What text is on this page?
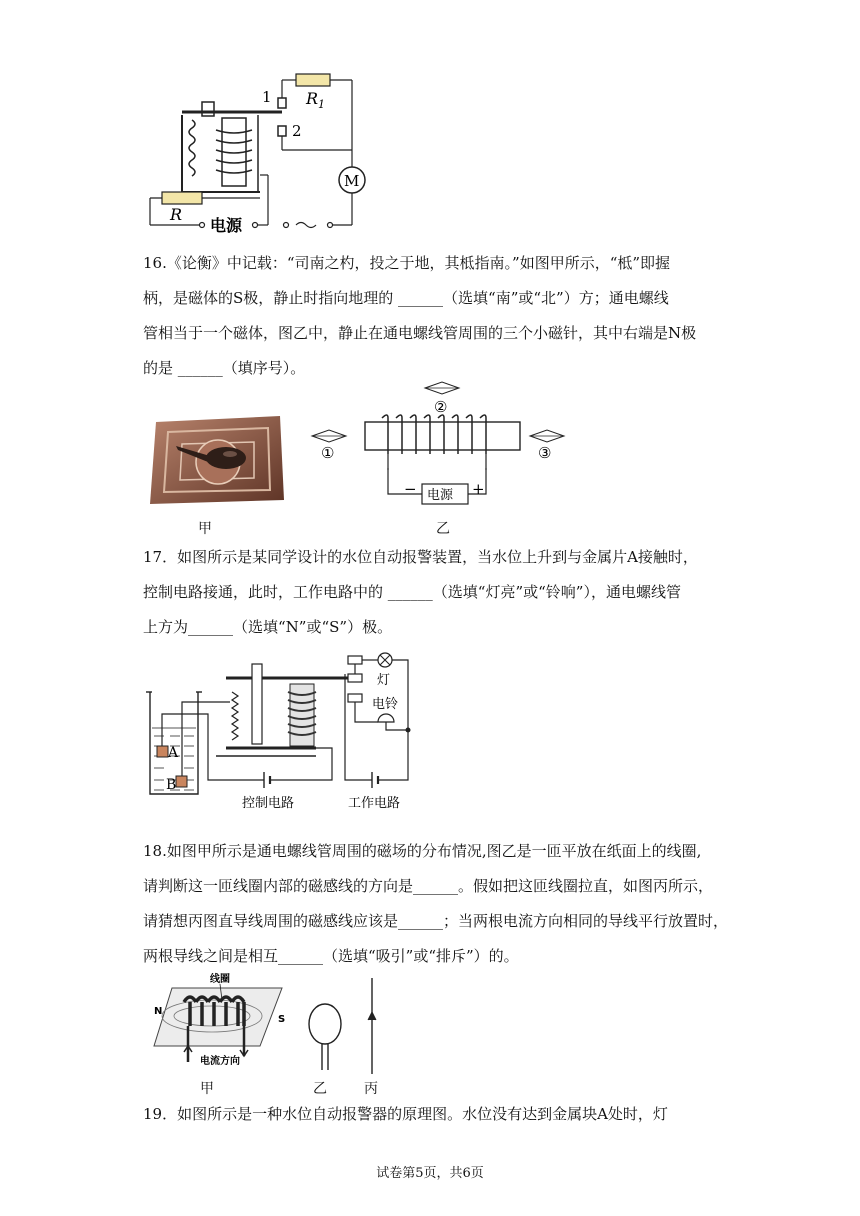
1
2
$R_1$
M
R
电源

16.《论衡》中记载：“司南之杓，投之于地，其柢指南。”如图甲所示，“柢”即握

柄，是磁体的S极，静止时指向地理的 ______（选填“南”或“北”）方；通电螺线

管相当于一个磁体，图乙中，静止在通电螺线管周围的三个小磁针，其中右端是N极

的是 ______（填序号）。

甲
②
电源
−	+
①	③
乙

17．如图所示是某同学设计的水位自动报警装置，当水位上升到与金属片A接触时，

控制电路接通，此时，工作电路中的 ______（选填“灯亮”或“铃响”），通电螺线管

上方为______（选填“N”或“S”）极。

A
B
控制电路
灯
电铃
工作电路

18.如图甲所示是通电螺线管周围的磁场的分布情况,图乙是一匝平放在纸面上的线圈,

请判断这一匝线圈内部的磁感线的方向是______。假如把这匝线圈拉直，如图丙所示，

请猜想丙图直导线周围的磁感线应该是______；当两根电流方向相同的导线平行放置时，

两根导线之间是相互______（选填“吸引”或“排斥”）的。

线圈
N
S
电流方向
甲	乙	丙

19．如图所示是一种水位自动报警器的原理图。水位没有达到金属块A处时，灯

试卷第5页，共6页
